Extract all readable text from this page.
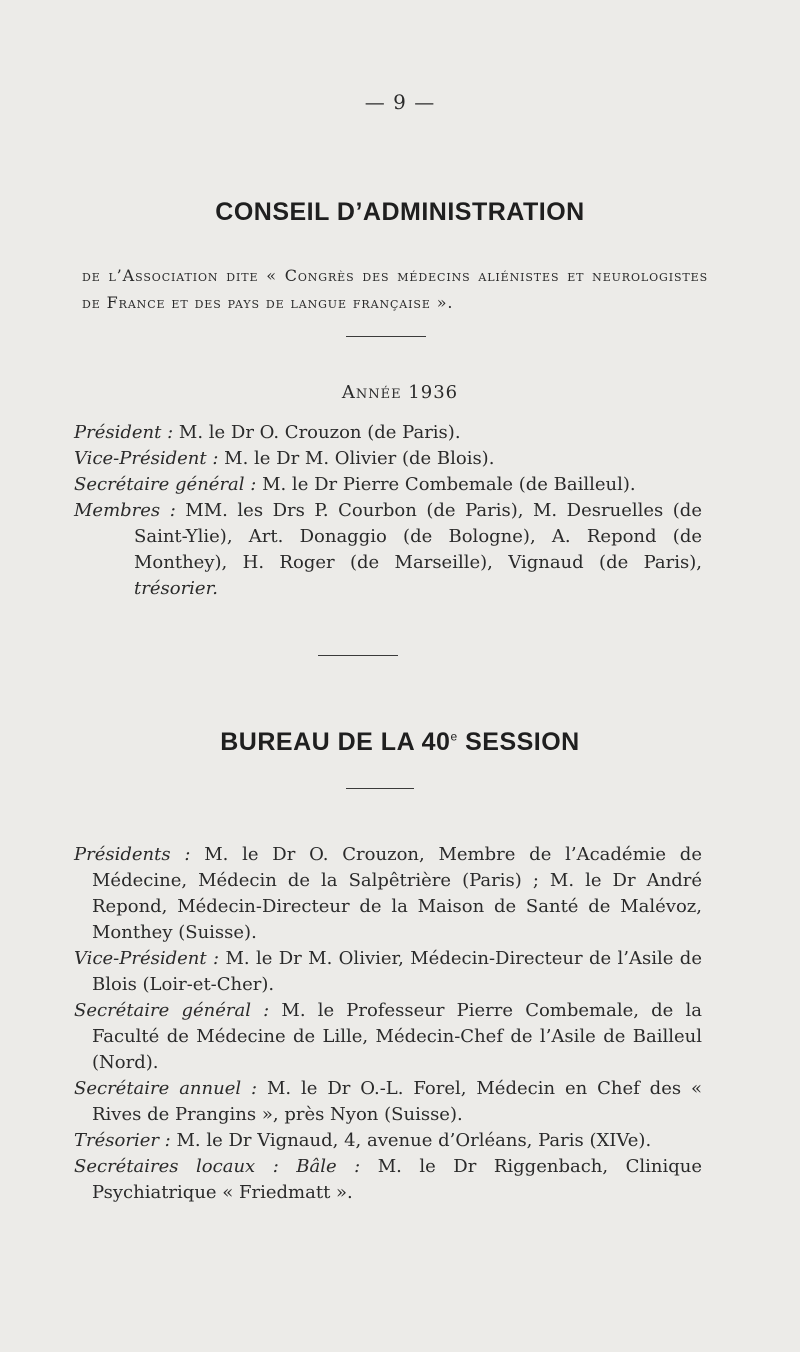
— 9 —
CONSEIL D’ADMINISTRATION
de l’Association dite « Congrès des médecins aliénistes et neurologistes de France et des pays de langue française ».
Année 1936

Président : M. le Dr O. Crouzon (de Paris).

Vice-Président : M. le Dr M. Olivier (de Blois).

Secrétaire général : M. le Dr Pierre Combemale (de Bailleul).

Membres : MM. les Drs P. Courbon (de Paris), M. Desruelles (de Saint-Ylie), Art. Donaggio (de Bologne), A. Repond (de Monthey), H. Roger (de Marseille), Vignaud (de Paris), trésorier.

BUREAU DE LA 40e SESSION

Présidents : M. le Dr O. Crouzon, Membre de l’Académie de Médecine, Médecin de la Salpêtrière (Paris) ; M. le Dr André Repond, Médecin-Directeur de la Maison de Santé de Malévoz, Monthey (Suisse).

Vice-Président : M. le Dr M. Olivier, Médecin-Directeur de l’Asile de Blois (Loir-et-Cher).

Secrétaire général : M. le Professeur Pierre Combemale, de la Faculté de Médecine de Lille, Médecin-Chef de l’Asile de Bailleul (Nord).

Secrétaire annuel : M. le Dr O.-L. Forel, Médecin en Chef des « Rives de Prangins », près Nyon (Suisse).

Trésorier : M. le Dr Vignaud, 4, avenue d’Orléans, Paris (XIVe).

Secrétaires locaux : Bâle : M. le Dr Riggenbach, Clinique Psychiatrique « Friedmatt ».
